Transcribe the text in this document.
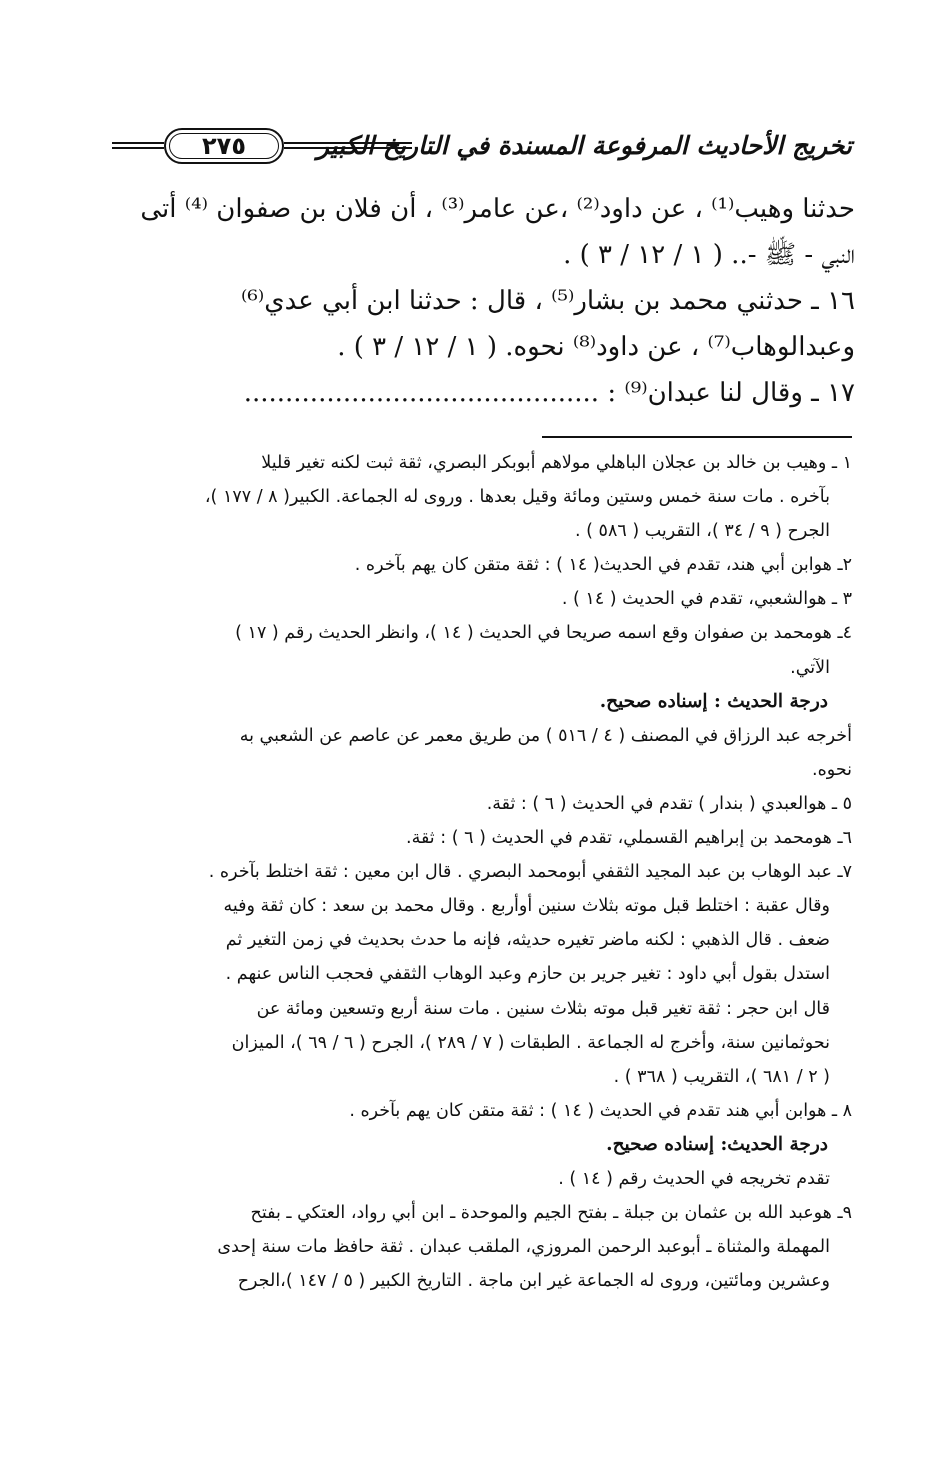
تخريج الأحاديث المرفوعة المسندة في التاريخ الكبير
٢٧٥

حدثنا وهيب⁽¹⁾ ، عن داود⁽²⁾ ،عن عامر⁽³⁾ ، أن فلان بن صفوان ⁽⁴⁾ أتى

النبي - ﷺ -.. ( ١ / ١٢ / ٣ ) .

١٦ ـ حدثني محمد بن بشار⁽⁵⁾ ، قال : حدثنا ابن أبي عدي⁽⁶⁾

وعبدالوهاب⁽⁷⁾ ، عن داود⁽⁸⁾ نحوه. ( ١ / ١٢ / ٣ ) .

١٧ ـ وقال لنا عبدان⁽⁹⁾ : ...........................................

١ ـ وهيب بن خالد بن عجلان الباهلي مولاهم أبوبكر البصري، ثقة ثبت لكنه تغير قليلا

بآخره . مات سنة خمس وستين ومائة وقيل بعدها . وروى له الجماعة. الكبير( ٨ / ١٧٧ )،

الجرح ( ٩ / ٣٤ )، التقريب ( ٥٨٦ ) .

٢ـ هوابن أبي هند، تقدم في الحديث( ١٤ ) : ثقة متقن كان يهم بآخره .

٣ ـ هوالشعبي، تقدم في الحديث ( ١٤ ) .

٤ـ هومحمد بن صفوان وقع اسمه صريحا في الحديث ( ١٤ )، وانظر الحديث رقم ( ١٧ )

الآتي.

درجة الحديث : إسناده صحيح.

أخرجه عبد الرزاق في المصنف ( ٤ / ٥١٦ ) من طريق معمر عن عاصم عن الشعبي به

نحوه.

٥ ـ هوالعبدي ( بندار ) تقدم في الحديث ( ٦ ) : ثقة.

٦ـ هومحمد بن إبراهيم القسملي، تقدم في الحديث ( ٦ ) : ثقة.

٧ـ عبد الوهاب بن عبد المجيد الثقفي أبومحمد البصري . قال ابن معين : ثقة اختلط بآخره .

وقال عقبة : اختلط قبل موته بثلاث سنين أوأربع . وقال محمد بن سعد : كان ثقة وفيه

ضعف . قال الذهبي : لكنه ماضر تغيره حديثه، فإنه ما حدث بحديث في زمن التغير ثم

استدل بقول أبي داود : تغير جرير بن حازم وعبد الوهاب الثقفي فحجب الناس عنهم .

قال ابن حجر : ثقة تغير قبل موته بثلاث سنين . مات سنة أربع وتسعين ومائة عن

نحوثمانين سنة، وأخرج له الجماعة . الطبقات ( ٧ / ٢٨٩ )، الجرح ( ٦ / ٦٩ )، الميزان

( ٢ / ٦٨١ )، التقريب ( ٣٦٨ ) .

٨ ـ هوابن أبي هند تقدم في الحديث ( ١٤ ) : ثقة متقن كان يهم بآخره .

درجة الحديث: إسناده صحيح.

تقدم تخريجه في الحديث رقم ( ١٤ ) .

٩ـ هوعبد الله بن عثمان بن جبلة ـ بفتح الجيم والموحدة ـ ابن أبي رواد، العتكي ـ بفتح

المهملة والمثناة ـ أبوعبد الرحمن المروزي، الملقب عبدان . ثقة حافظ مات سنة إحدى

وعشرين ومائتين، وروى له الجماعة غير ابن ماجة . التاريخ الكبير ( ٥ / ١٤٧ )،الجرح
